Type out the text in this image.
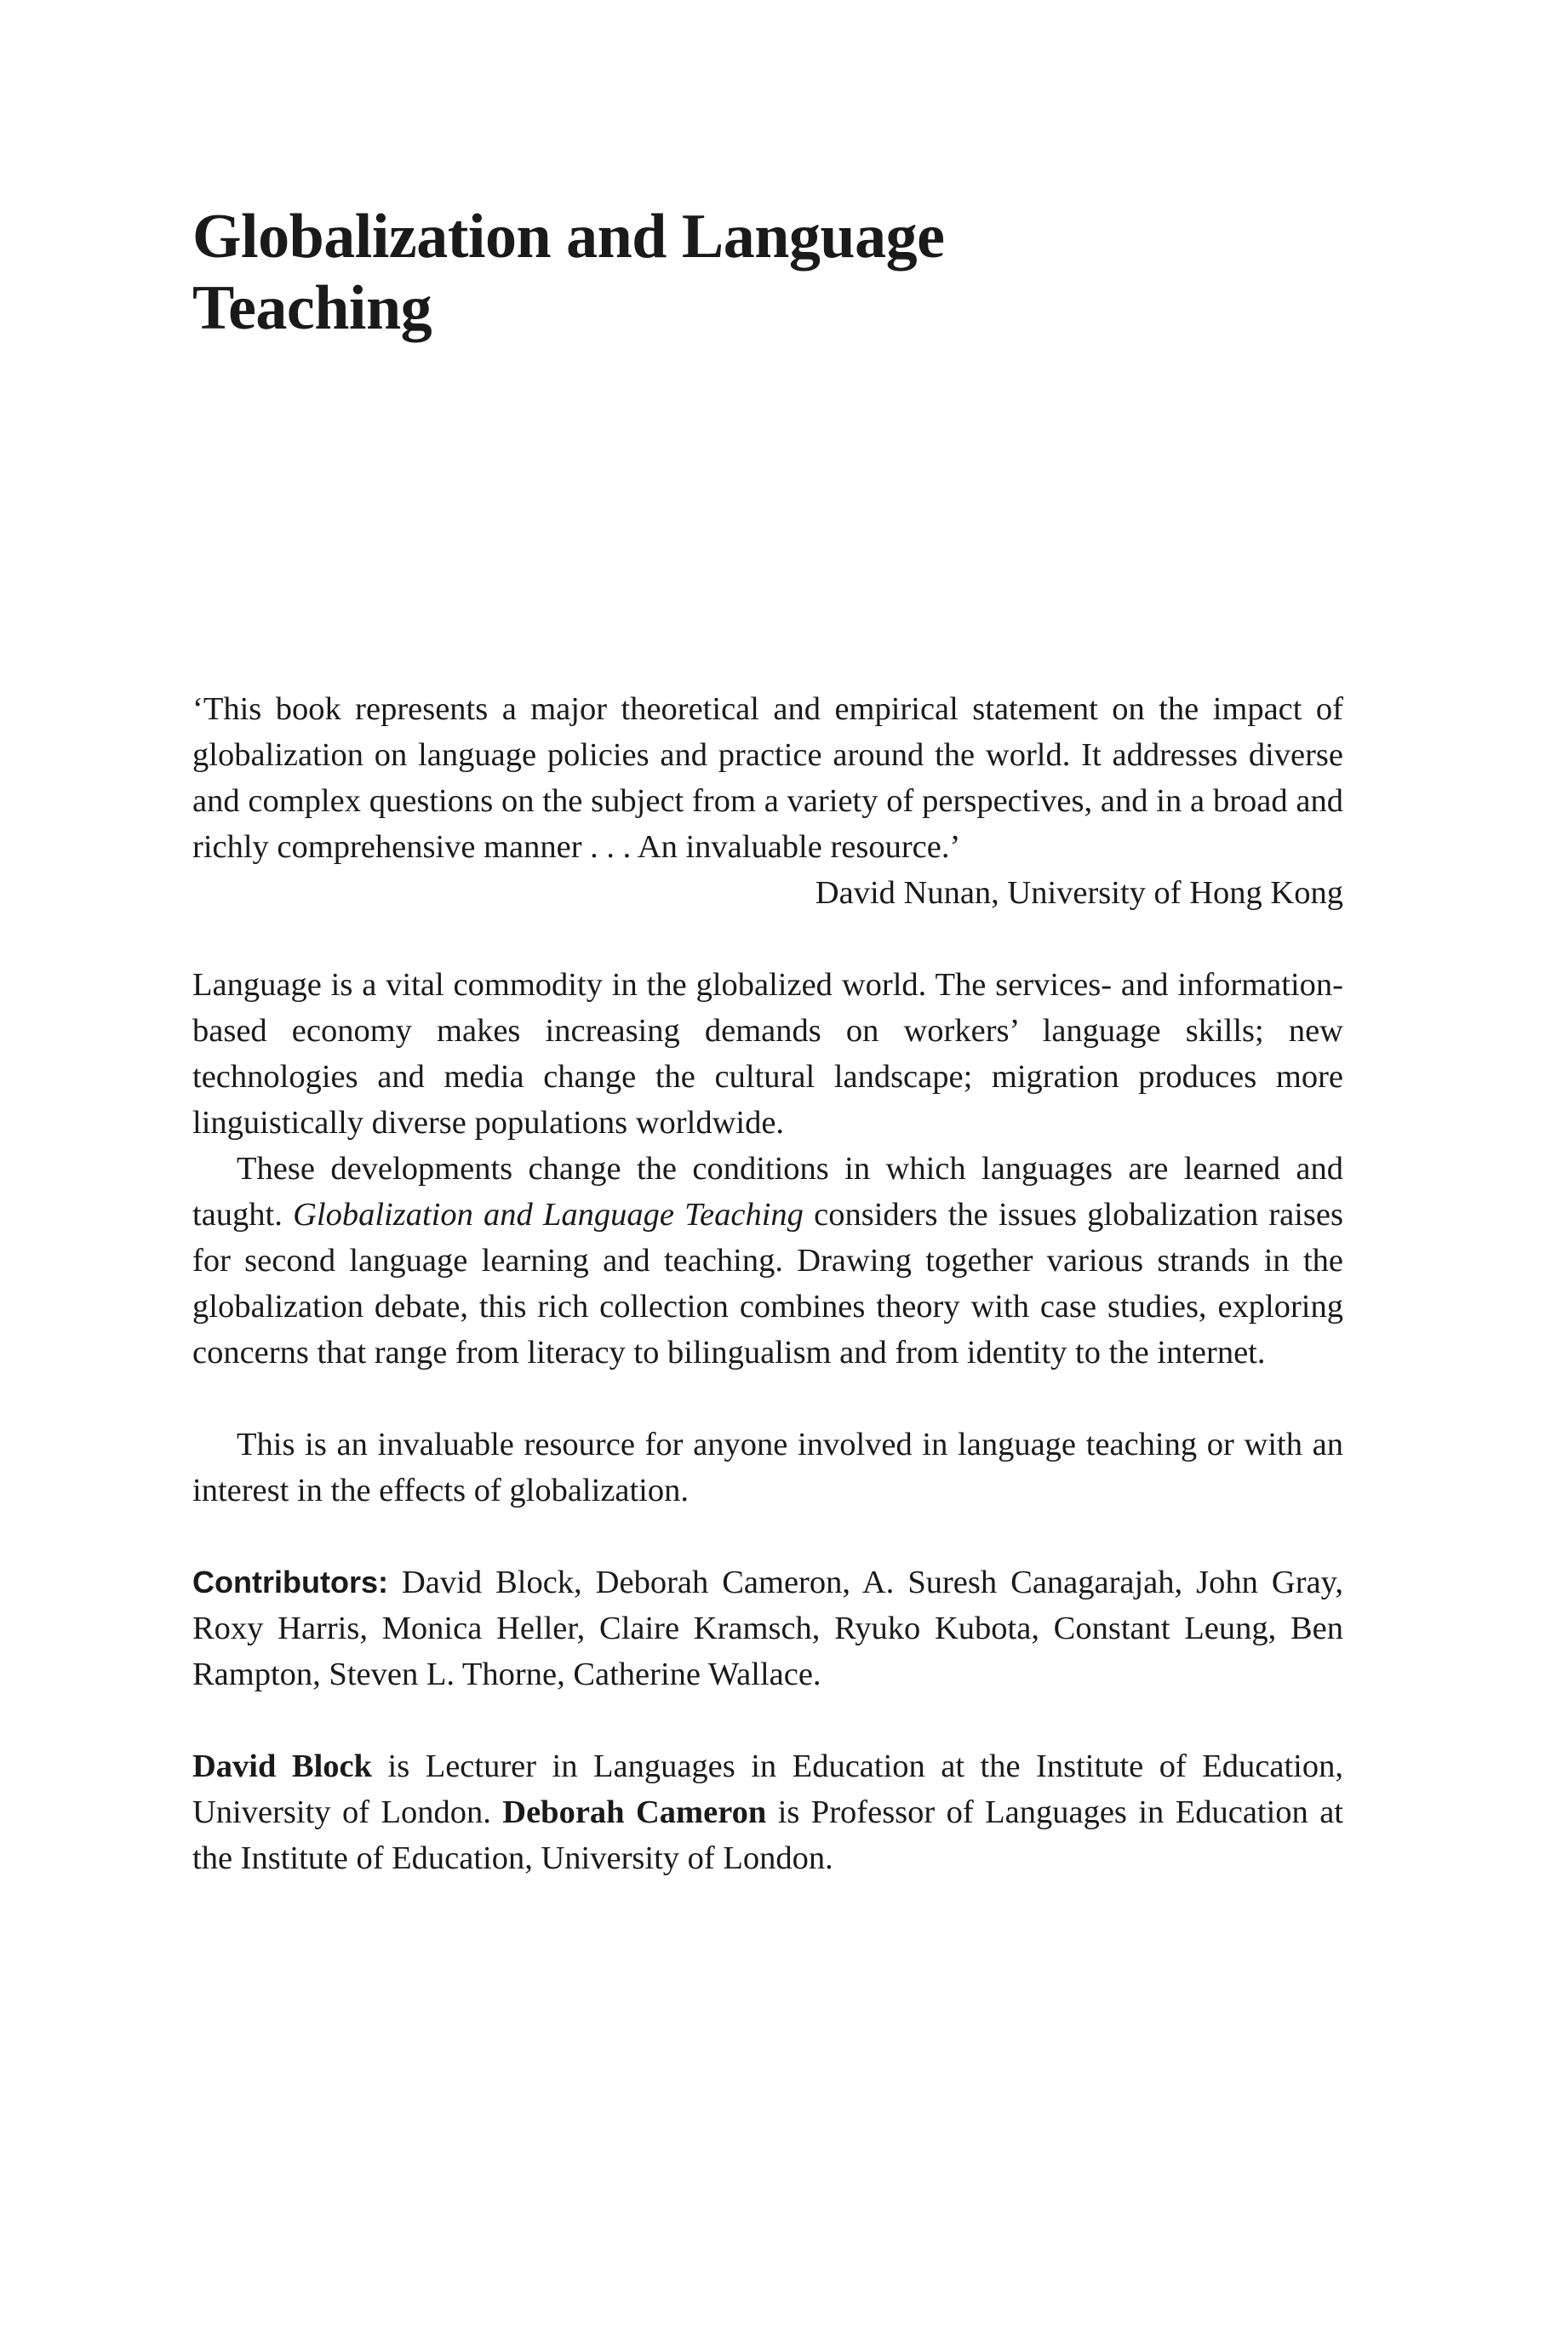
Globalization and Language
Teaching

‘This book represents a major theoretical and empirical statement on the impact of globalization on language policies and practice around the world. It addresses diverse and complex questions on the subject from a variety of perspectives, and in a broad and richly comprehensive manner . . . An invaluable resource.’

David Nunan, University of Hong Kong

Language is a vital commodity in the globalized world. The services- and information-based economy makes increasing demands on workers’ language skills; new technologies and media change the cultural landscape; migration produces more linguistically diverse populations worldwide.

These developments change the conditions in which languages are learned and taught. Globalization and Language Teaching considers the issues globalization raises for second language learning and teaching. Drawing together various strands in the globalization debate, this rich collection combines theory with case studies, exploring concerns that range from literacy to bilingualism and from identity to the internet.

This is an invaluable resource for anyone involved in language teaching or with an interest in the effects of globalization.

Contributors: David Block, Deborah Cameron, A. Suresh Canagarajah, John Gray, Roxy Harris, Monica Heller, Claire Kramsch, Ryuko Kubota, Constant Leung, Ben Rampton, Steven L. Thorne, Catherine Wallace.

David Block is Lecturer in Languages in Education at the Institute of Education, University of London. Deborah Cameron is Professor of Languages in Education at the Institute of Education, University of London.
